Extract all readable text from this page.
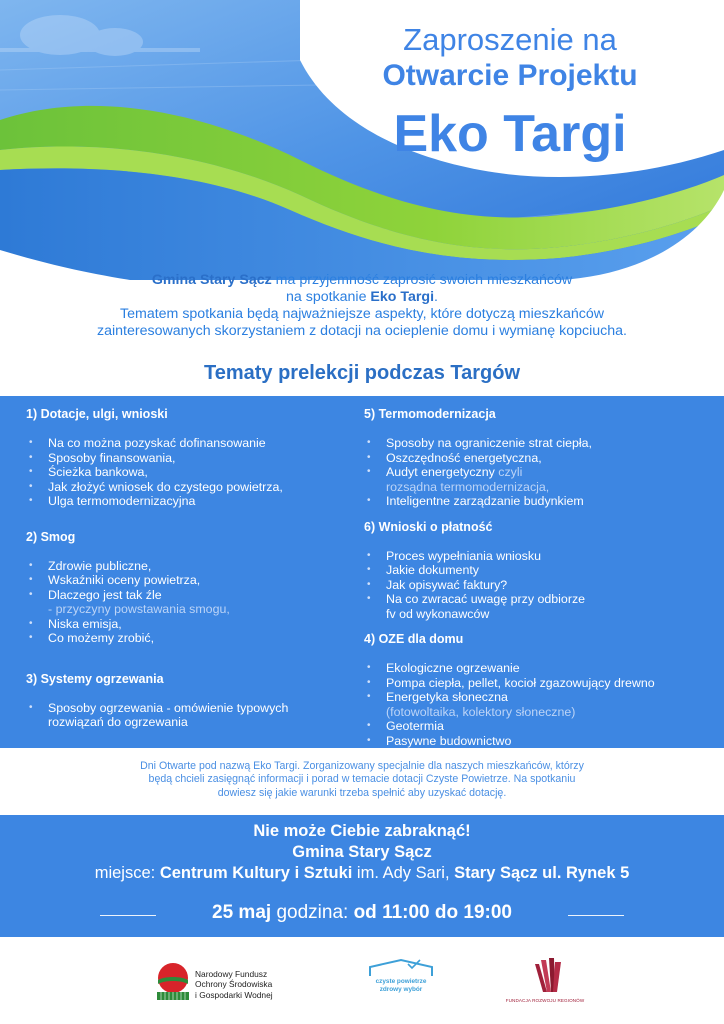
Zaproszenie na
Otwarcie Projektu
Eko Targi
Gmina Stary Sącz ma przyjemność zaprosić swoich mieszkańców
na spotkanie Eko Targi.
Tematem spotkania będą najważniejsze aspekty, które dotyczą mieszkańców
zainteresowanych skorzystaniem z dotacji na ocieplenie domu i wymianę kopciucha.
Tematy prelekcji podczas Targów
1) Dotacje, ulgi, wnioski
• Na co można pozyskać dofinansowanie
• Sposoby finansowania,
• Ścieżka bankowa,
• Jak złożyć wniosek do czystego powietrza,
• Ulga termomodernizacyjna
2) Smog
• Zdrowie publiczne,
• Wskaźniki oceny powietrza,
• Dlaczego jest tak źle
- przyczyny powstawania smogu,
• Niska emisja,
• Co możemy zrobić,
3) Systemy ogrzewania
• Sposoby ogrzewania - omówienie typowych
rozwiązań do ogrzewania
5) Termomodernizacja
• Sposoby na ograniczenie strat ciepła,
• Oszczędność energetyczna,
• Audyt energetyczny czyli
rozsądna termomodernizacja,
• Inteligentne zarządzanie budynkiem
6) Wnioski o płatność
• Proces wypełniania wniosku
• Jakie dokumenty
• Jak opisywać faktury?
• Na co zwracać uwagę przy odbiorze
fv od wykonawców
4) OZE dla domu
• Ekologiczne ogrzewanie
• Pompa ciepła, pellet, kocioł zgazowujący drewno
• Energetyka słoneczna
(fotowoltaika, kolektory słoneczne)
• Geotermia
• Pasywne budownictwo
Dni Otwarte pod nazwą Eko Targi. Zorganizowany specjalnie dla naszych mieszkańców, którzy
będą chcieli zasięgnąć informacji i porad w temacie dotacji Czyste Powietrze. Na spotkaniu
dowiesz się jakie warunki trzeba spełnić aby uzyskać dotację.
Nie może Ciebie zabraknąć!
Gmina Stary Sącz
miejsce: Centrum Kultury i Sztuki im. Ady Sari, Stary Sącz ul. Rynek 5
25 maj godzina: od 11:00 do 19:00
Narodowy Fundusz
Ochrony Środowiska
i Gospodarki Wodnej
czyste powietrze
zdrowy wybór
FUNDACJA ROZWOJU REGIONÓW
